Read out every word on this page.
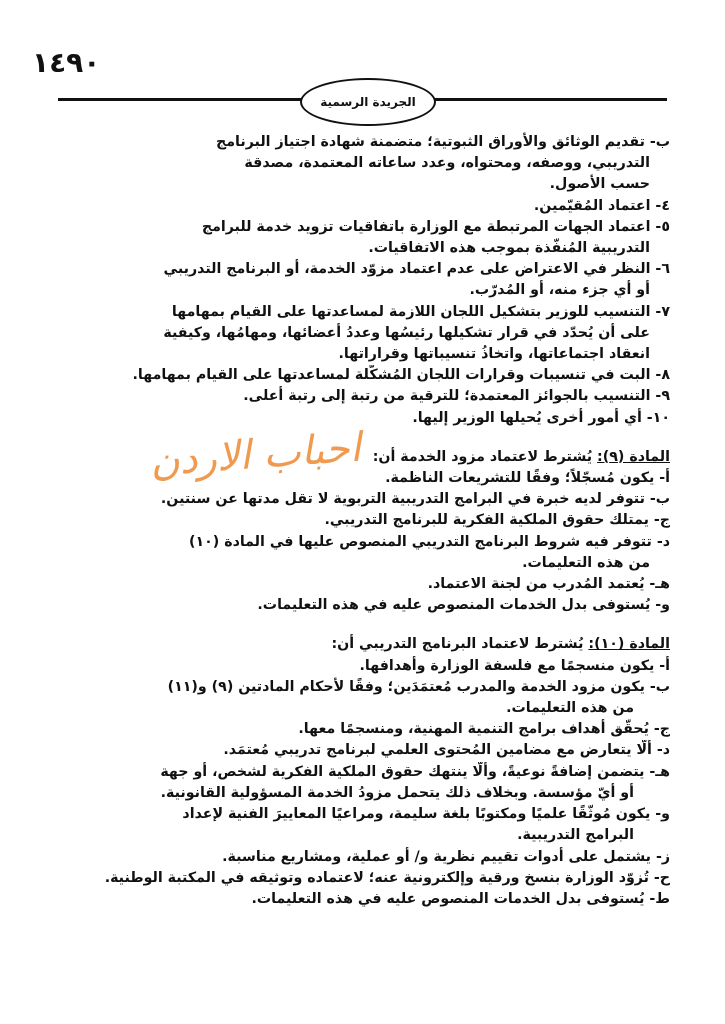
١٤٩٠
الجريدة الرسمية
احباب الاردن
ب- تقديم الوثائق والأوراق الثبوتية؛ متضمنة شهادة اجتياز البرنامج
التدريبي، ووصفه، ومحتواه، وعدد ساعاته المعتمدة، مصدقة
حسب الأصول.
٤- اعتماد المُقيّمين.
٥- اعتماد الجهات المرتبطة مع الوزارة باتفاقيات تزويد خدمة للبرامج
التدريبية المُنفّذة بموجب هذه الاتفاقيات.
٦- النظر في الاعتراض على عدم اعتماد مزوّد الخدمة، أو البرنامج التدريبي
أو أي جزء منه، أو المُدرّب.
٧- التنسيب للوزير بتشكيل اللجان اللازمة لمساعدتها على القيام بمهامها
على أن يُحدّد في قرار تشكيلها رئيسُها وعددُ أعضائها، ومهامُها، وكيفية
انعقاد اجتماعاتها، واتخاذُ تنسيباتها وقراراتها.
٨- البت في تنسيبات وقرارات اللجان المُشكّلة لمساعدتها على القيام بمهامها.
٩- التنسيب بالجوائز المعتمدة؛ للترقية من رتبة إلى رتبة أعلى.
١٠- أي أمور أخرى يُحيلها الوزير إليها.
المادة (٩): يُشترط لاعتماد مزود الخدمة أن:
أ- يكون مُسجّلاً؛ وفقًا للتشريعات الناظمة.
ب- تتوفر لديه خبرة في البرامج التدريبية التربوية لا تقل مدتها عن سنتين.
ج- يمتلك حقوق الملكية الفكرية للبرنامج التدريبي.
د- تتوفر فيه شروط البرنامج التدريبي المنصوص عليها في المادة (١٠)
من هذه التعليمات.
هـ- يُعتمد المُدرب من لجنة الاعتماد.
و- يُستوفى بدل الخدمات المنصوص عليه في هذه التعليمات.
المادة (١٠): يُشترط لاعتماد البرنامج التدريبي أن:
أ- يكون منسجمًا مع فلسفة الوزارة وأهدافها.
ب- يكون مزود الخدمة والمدرب مُعتمَدَين؛ وفقًا لأحكام المادتين (٩) و(١١)
من هذه التعليمات.
ج- يُحقّق أهداف برامج التنمية المهنية، ومنسجمًا معها.
د- ألّا يتعارض مع مضامين المُحتوى العلمي لبرنامج تدريبي مُعتمَد.
هـ- يتضمن إضافةً نوعيةً، وألّا ينتهك حقوق الملكية الفكرية لشخص، أو جهة
أو أيّ مؤسسة. وبخلاف ذلك يتحمل مزودُ الخدمة المسؤولية القانونية.
و- يكون مُوثّقًا علميًا ومكتوبًا بلغة سليمة، ومراعيًا المعاييرَ الفنية لإعداد
البرامج التدريبية.
ز- يشتمل على أدوات تقييم نظرية و/ أو عملية، ومشاريع مناسبة.
ح- تُزوّد الوزارة بنسخ ورقية وإلكترونية عنه؛ لاعتماده وتوثيقه في المكتبة الوطنية.
ط- يُستوفى بدل الخدمات المنصوص عليه في هذه التعليمات.
